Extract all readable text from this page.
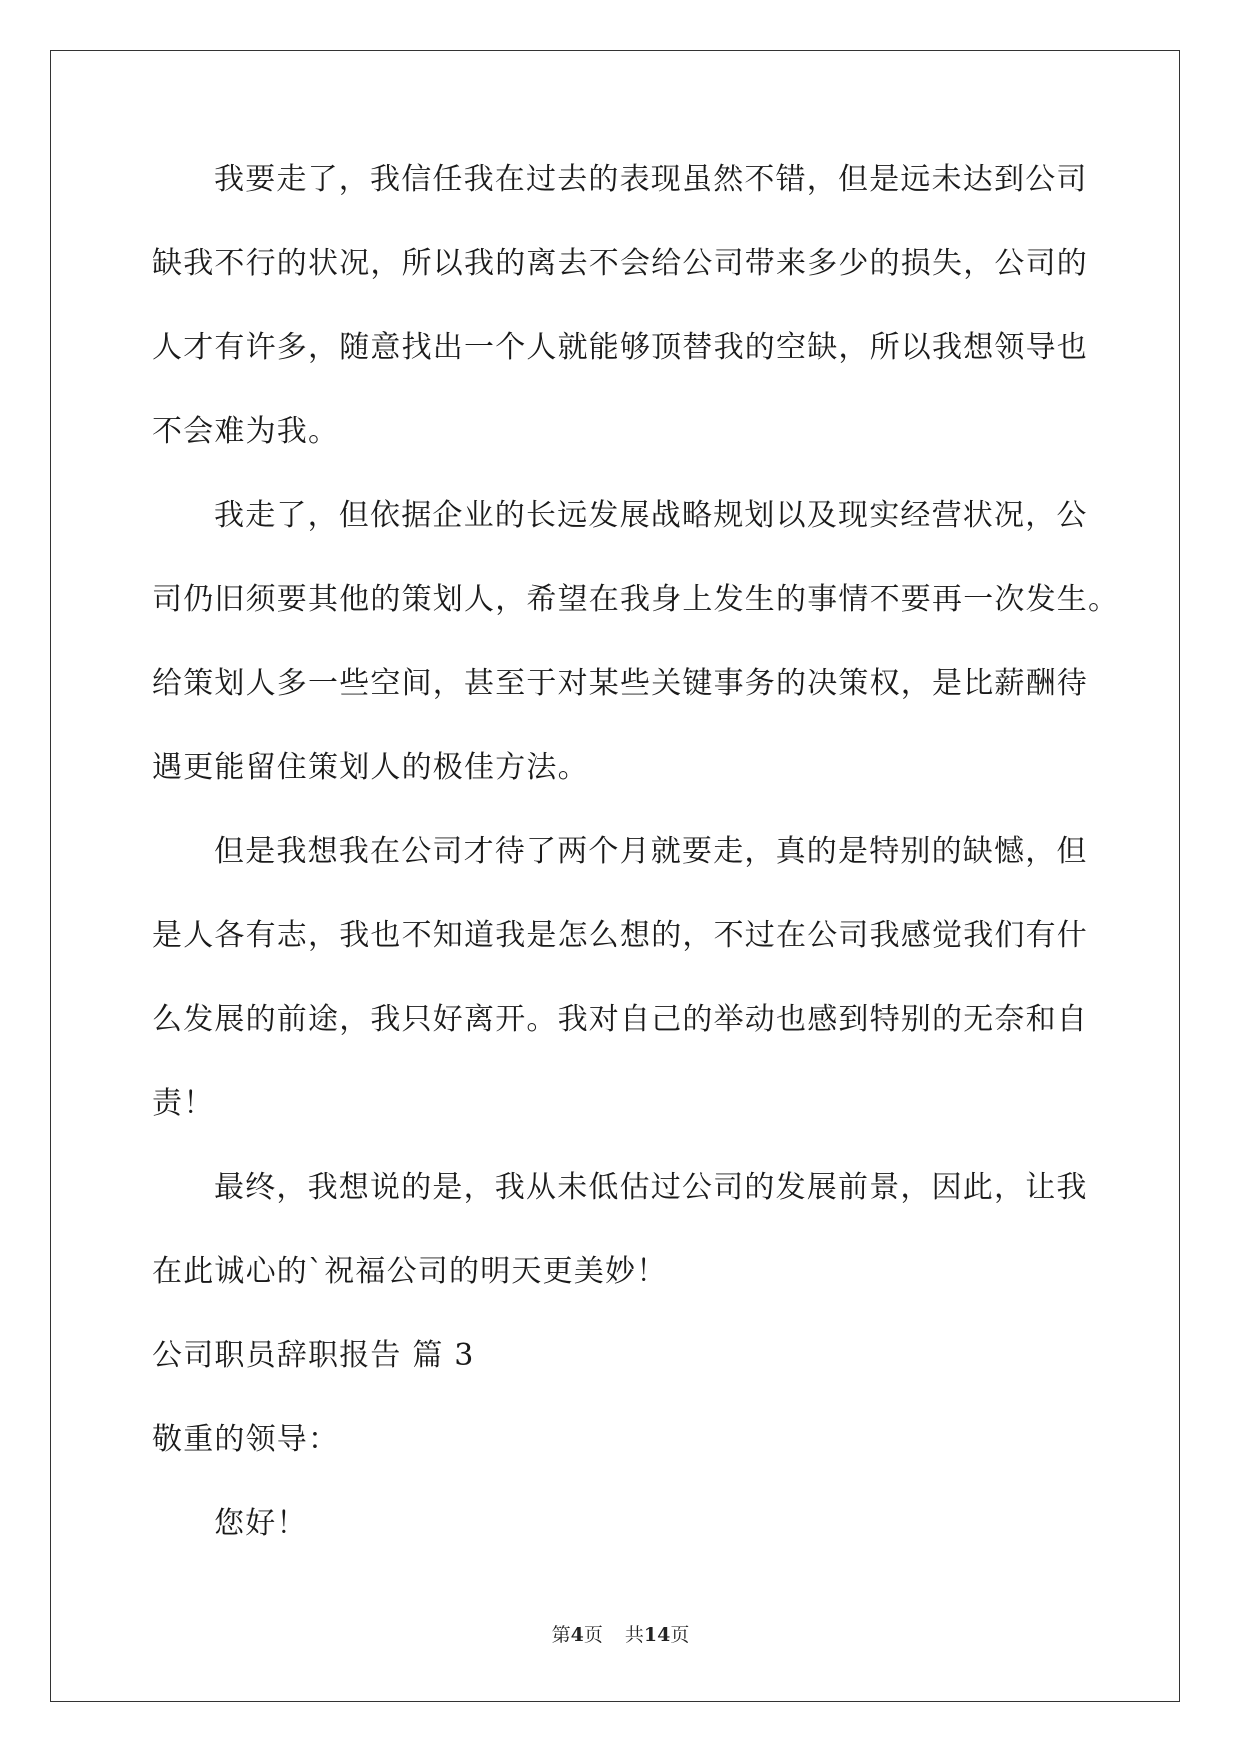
我要走了，我信任我在过去的表现虽然不错，但是远未达到公司
缺我不行的状况，所以我的离去不会给公司带来多少的损失，公司的
人才有许多，随意找出一个人就能够顶替我的空缺，所以我想领导也
不会难为我。
我走了，但依据企业的长远发展战略规划以及现实经营状况，公
司仍旧须要其他的策划人，希望在我身上发生的事情不要再一次发生。
给策划人多一些空间，甚至于对某些关键事务的决策权，是比薪酬待
遇更能留住策划人的极佳方法。
但是我想我在公司才待了两个月就要走，真的是特别的缺憾，但
是人各有志，我也不知道我是怎么想的，不过在公司我感觉我们有什
么发展的前途，我只好离开。我对自己的举动也感到特别的无奈和自
责！
最终，我想说的是，我从未低估过公司的发展前景，因此，让我
在此诚心的`祝福公司的明天更美妙！
公司职员辞职报告 篇 3
敬重的领导：
您好！
第4页 共14页
